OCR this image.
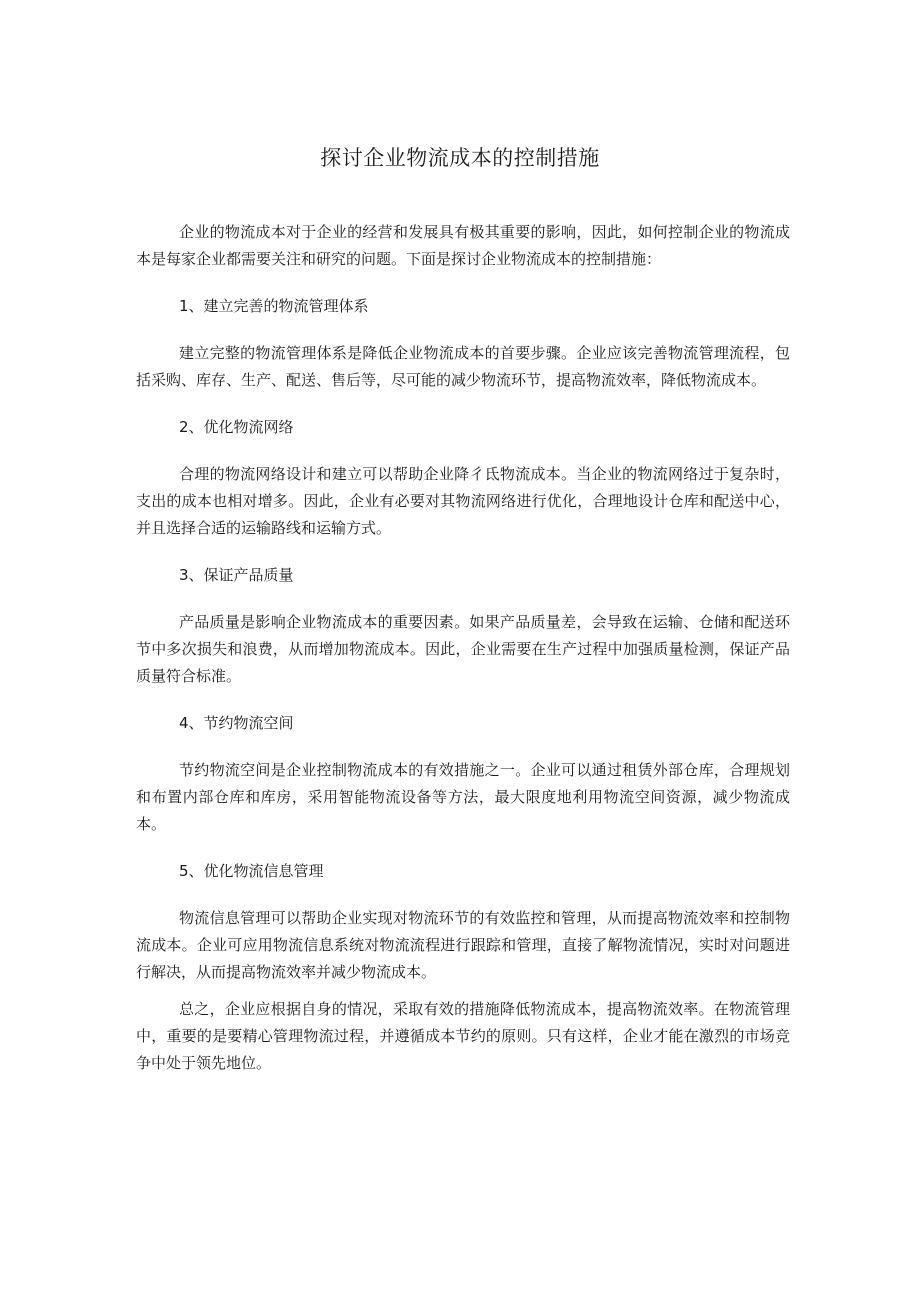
探讨企业物流成本的控制措施

企业的物流成本对于企业的经营和发展具有极其重要的影响，因此，如何控制企业的物流成本是每家企业都需要关注和研究的问题。下面是探讨企业物流成本的控制措施：

1、建立完善的物流管理体系

建立完整的物流管理体系是降低企业物流成本的首要步骤。企业应该完善物流管理流程，包括采购、库存、生产、配送、售后等，尽可能的减少物流环节，提高物流效率，降低物流成本。

2、优化物流网络

合理的物流网络设计和建立可以帮助企业降彳氐物流成本。当企业的物流网络过于复杂时，支出的成本也相对增多。因此，企业有必要对其物流网络进行优化，合理地设计仓库和配送中心，并且选择合适的运输路线和运输方式。

3、保证产品质量

产品质量是影响企业物流成本的重要因素。如果产品质量差，会导致在运输、仓储和配送环节中多次损失和浪费，从而增加物流成本。因此，企业需要在生产过程中加强质量检测，保证产品质量符合标准。

4、节约物流空间

节约物流空间是企业控制物流成本的有效措施之一。企业可以通过租赁外部仓库，合理规划和布置内部仓库和库房，采用智能物流设备等方法，最大限度地利用物流空间资源，减少物流成本。

5、优化物流信息管理

物流信息管理可以帮助企业实现对物流环节的有效监控和管理，从而提高物流效率和控制物流成本。企业可应用物流信息系统对物流流程进行跟踪和管理，直接了解物流情况，实时对问题进行解决，从而提高物流效率并减少物流成本。

总之，企业应根据自身的情况，采取有效的措施降低物流成本，提高物流效率。在物流管理中，重要的是要精心管理物流过程，并遵循成本节约的原则。只有这样，企业才能在激烈的市场竞争中处于领先地位。
